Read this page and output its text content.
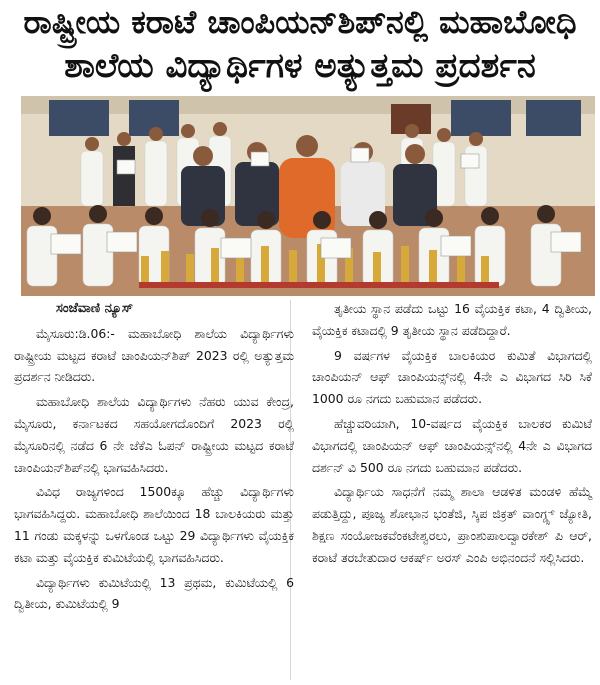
ರಾಷ್ಟ್ರೀಯ ಕರಾಟೆ ಚಾಂಪಿಯನ್‌ಶಿಪ್‌ನಲ್ಲಿ ಮಹಾಬೋಧಿ
ಶಾಲೆಯ ವಿದ್ಯಾರ್ಥಿಗಳ ಅತ್ಯುತ್ತಮ ಪ್ರದರ್ಶನ

ಸಂಜೆವಾಣಿ ನ್ಯೂಸ್

ಮೈಸೂರು:ಡಿ.06:- ಮಹಾಬೋಧಿ ಶಾಲೆಯ ವಿದ್ಯಾರ್ಥಿಗಳು ರಾಷ್ಟ್ರೀಯ ಮಟ್ಟದ ಕರಾಟೆ ಚಾಂಪಿಯನ್‌ಶಿಪ್ 2023 ರಲ್ಲಿ ಅತ್ಯುತ್ತಮ ಪ್ರದರ್ಶನ ನೀಡಿದರು.

ಮಹಾಬೋಧಿ ಶಾಲೆಯ ವಿದ್ಯಾರ್ಥಿಗಳು ನೆಹರು ಯುವ ಕೇಂದ್ರ, ಮೈಸೂರು, ಕರ್ನಾಟಕದ ಸಹಯೋಗದೊಂದಿಗೆ 2023 ರಲ್ಲಿ ಮೈಸೂರಿನಲ್ಲಿ ನಡೆದ 6 ನೇ ಜೆಕೆಎ ಓಪನ್ ರಾಷ್ಟ್ರೀಯ ಮಟ್ಟದ ಕರಾಟೆ ಚಾಂಪಿಯನ್‌ಶಿಪ್‌ನಲ್ಲಿ ಭಾಗವಹಿಸಿದರು.

ವಿವಿಧ ರಾಜ್ಯಗಳಿಂದ 1500ಕ್ಕೂ ಹೆಚ್ಚು ವಿದ್ಯಾರ್ಥಿಗಳು ಭಾಗವಹಿಸಿದ್ದರು. ಮಹಾಬೋಧಿ ಶಾಲೆಯಿಂದ 18 ಬಾಲಕಿಯರು ಮತ್ತು 11 ಗಂಡು ಮಕ್ಕಳನ್ನು ಒಳಗೊಂಡ ಒಟ್ಟು 29 ವಿದ್ಯಾರ್ಥಿಗಳು ವೈಯಕ್ತಿಕ ಕಟಾ ಮತ್ತು ವೈಯಕ್ತಿಕ ಕುಮಿಟೆಯಲ್ಲಿ ಭಾಗವಹಿಸಿದರು.

ವಿದ್ಯಾರ್ಥಿಗಳು ಕುಮಿಟೆಯಲ್ಲಿ 13 ಪ್ರಥಮ, ಕುಮಿಟೆಯಲ್ಲಿ 6 ದ್ವಿತೀಯ, ಕುಮಿಟೆಯಲ್ಲಿ 9

ತೃತೀಯ ಸ್ಥಾನ ಪಡೆದು ಒಟ್ಟು 16 ವೈಯಕ್ತಿಕ ಕಟಾ, 4 ದ್ವಿತೀಯ, ವೈಯಕ್ತಿಕ ಕಟಾದಲ್ಲಿ 9 ತೃತೀಯ ಸ್ಥಾನ ಪಡೆದಿದ್ದಾರೆ.

9 ವರ್ಷಗಳ ವೈಯಕ್ತಿಕ ಬಾಲಕಿಯರ ಕುಮಿತೆ ವಿಭಾಗದಲ್ಲಿ ಚಾಂಪಿಯನ್ ಆಫ್ ಚಾಂಪಿಯನ್ಸ್‌ನಲ್ಲಿ 4ನೇ ಎ ವಿಭಾಗದ ಸಿರಿ ಸಿಕೆ 1000 ರೂ ನಗದು ಬಹುಮಾನ ಪಡೆದರು.

ಹೆಚ್ಚುವರಿಯಾಗಿ, 10-ವರ್ಷದ ವೈಯಕ್ತಿಕ ಬಾಲಕರ ಕುಮಿಟೆ ವಿಭಾಗದಲ್ಲಿ ಚಾಂಪಿಯನ್ ಆಫ್ ಚಾಂಪಿಯನ್ಸ್‌ನಲ್ಲಿ 4ನೇ ಎ ವಿಭಾಗದ ದರ್ಶನ್ ವಿ 500 ರೂ ನಗದು ಬಹುಮಾನ ಪಡೆದರು.

ವಿದ್ಯಾರ್ಥಿಯ ಸಾಧನೆಗೆ ನಮ್ಮ ಶಾಲಾ ಆಡಳಿತ ಮಂಡಳಿ ಹೆಮ್ಮೆ ಪಡುತ್ತಿದ್ದು, ಪೂಜ್ಯ ಶೋಭಾನ ಭಂತೆಜಿ, ಸ್ಕಿಪ ಜಿಕ್ರತ್ ವಾಂಗ್ಡ್ಸ್ ಜ್ಯೋತಿ, ಶಿಕ್ಷಣ ಸಂಯೋಜಕವೆಂಕಟೇಶ್ವರಲು, ಪ್ರಾಂಶುಪಾಲದ್ವಾರಕೇಶ್ ಪಿ ಆರ್, ಕರಾಟೆ ತರಬೇತುದಾರ ಆಕರ್ಷ್ ಅರಸ್ ಎಂಪಿ ಅಭಿನಂದನೆ ಸಲ್ಲಿಸಿದರು.
